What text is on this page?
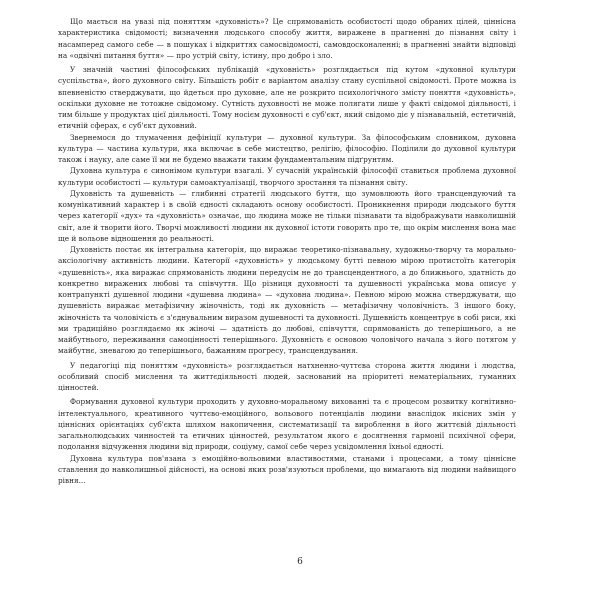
Що мається на увазі під поняттям «духовність»? Це спрямованість особистості щодо обраних цілей, ціннісна характеристика свідомості; визначення людського способу життя, виражене в прагненні до пізнання світу і насамперед самого себе — в пошуках і відкриттях самосвідомості, самовдосконаленні; в прагненні знайти відповіді на «одвічні питання буття» — про устрій світу, істину, про добро і зло.

У значній частині філософських публікацій «духовність» розглядається під кутом «духовної культури суспільства», його духовного світу. Більшість робіт є варіантом аналізу стану суспільної свідомості. Проте можна із впевненістю стверджувати, що йдеться про духовне, але не розкрито психологічного змісту поняття «духовність», оскільки духовне не тотожне свідомому. Сутність духовності не може полягати лише у факті свідомої діяльності, і тим більше у продуктах цієї діяльності. Тому носієм духовності є суб'єкт, який свідомо діє у пізнавальній, естетичній, етичній сферах, є суб'єкт духовний.

Звернемося до тлумачення дефініції культури — духовної культури. За філософським словником, духовна культура — частина культури, яка включає в себе мистецтво, релігію, філософію. Поділили до духовної культури також і науку, але саме її ми не будемо вважати таким фундаментальним підґрунтям.

Духовна культура є синонімом культури взагалі. У сучасній українській філософії ставиться проблема духовної культури особистості — культури самоактуалізації, творчого зростання та пізнання світу.

Духовність та душевність — глибинні стратегії людського буття, що зумовлюють його трансцендуючий та комунікативний характер і в своїй єдності складають основу особистості. Проникнення природи людського буття через категорії «дух» та «духовність» означає, що людина може не тільки пізнавати та відображувати навколишній світ, але й творити його. Творчі можливості людини як духовної істоти говорять про те, що окрім мислення вона має ще й вольове відношення до реальності.

Духовність постає як інтегральна категорія, що виражає теоретико-пізнавальну, художньо-творчу та морально-аксіологічну активність людини. Категорії «духовність» у людському бутті певною мірою протистоїть категорія «душевність», яка виражає спрямованість людини передусім не до трансцендентного, а до ближнього, здатність до конкретно виражених любові та співчуття. Що різниця духовності та душевності українська мова описує у контрапункті душевної людини «душевна людина» — «духовна людина». Певною мірою можна стверджувати, що душевність виражає метафізичну жіночність, тоді як духовність — метафізичну чоловічність. З іншого боку, жіночність та чоловічість є з'єднувальним виразом душевності та духовності. Душевність концентрує в собі риси, які ми традиційно розглядаємо як жіночі — здатність до любові, співчуття, спрямованість до теперішнього, а не майбутнього, переживання самоцінності теперішнього. Духовність є основою чоловічого начала з його потягом у майбутнє, зневагою до теперішнього, бажанням прогресу, трансцендування.

У педагогіці під поняттям «духовність» розглядається натхненно-чуттєва сторона життя людини і людства, особливий спосіб мислення та життєдіяльності людей, заснований на пріоритеті нематеріальних, гуманних цінностей.

Формування духовної культури проходить у духовно-моральному вихованні та є процесом розвитку когнітивно-інтелектуального, креативного чуттєво-емоційного, вольового потенціалів людини внаслідок якісних змін у ціннісних орієнтаціях суб'єкта шляхом накопичення, систематизації та вироблення в його життєвій діяльності загальнолюдських чинностей та етичних цінностей, результатом якого є досягнення гармонії психічної сфери, подолання відчуження людини від природи, соціуму, самої себе через усвідомлення їхньої єдності.

Духовна культура пов'язана з емоційно-вольовими властивостями, станами і процесами, а тому ціннісне ставлення до навколишньої дійсності, на основі яких розв'язуються проблеми, що вимагають від людини найвищого рівня...

6
